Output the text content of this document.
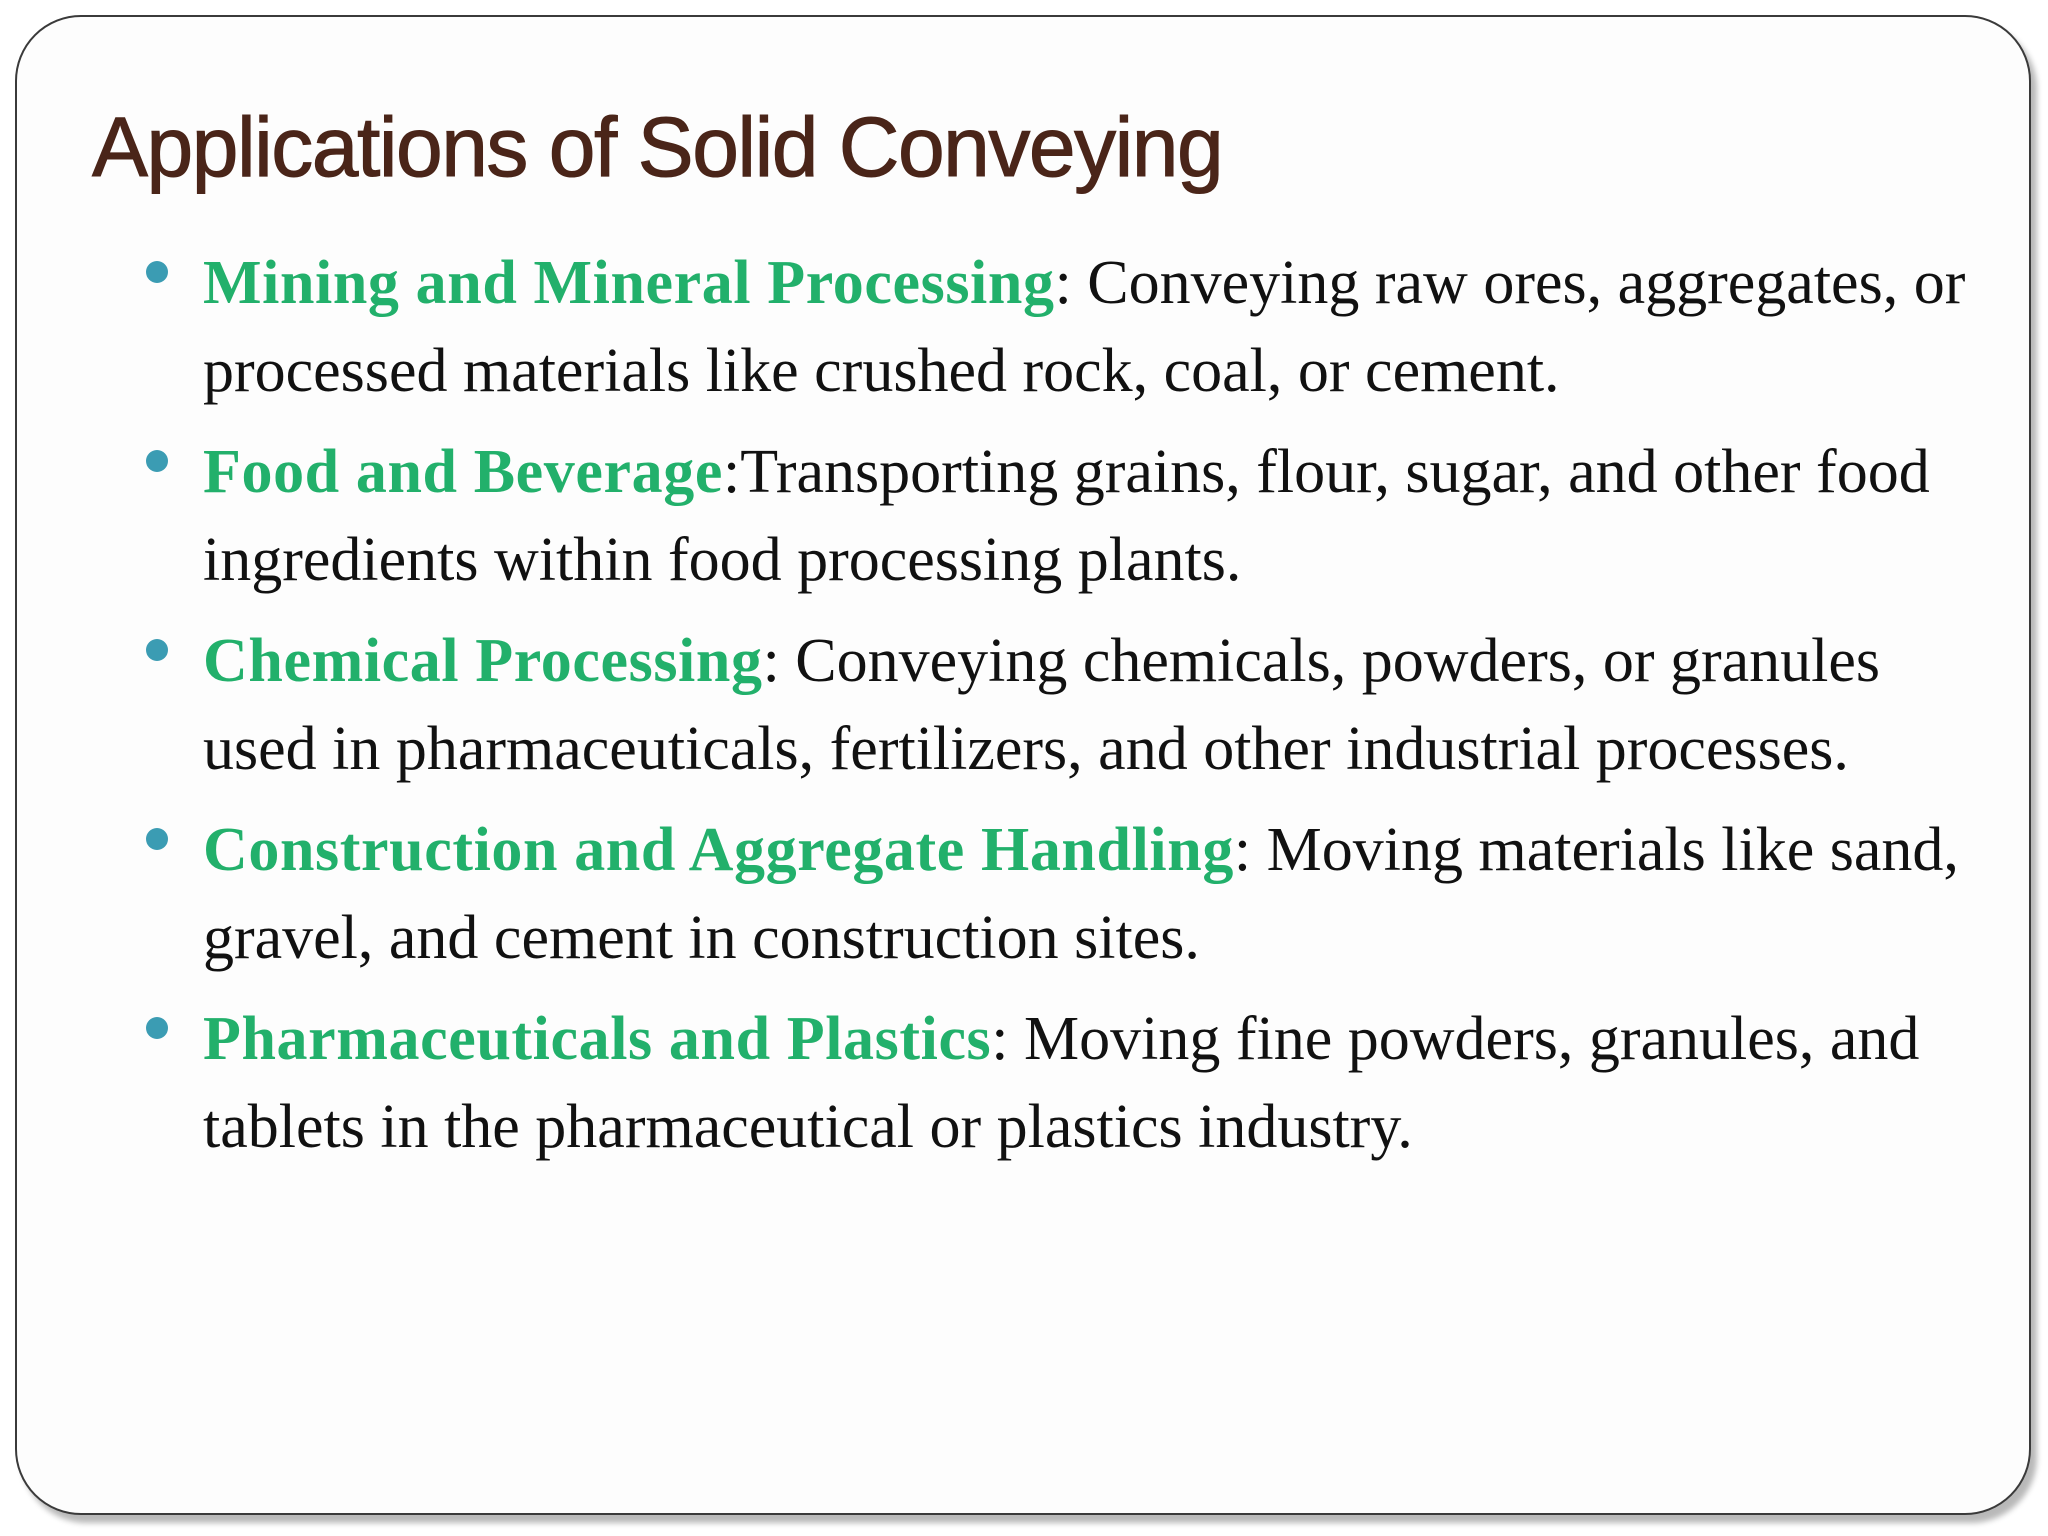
Applications of Solid Conveying
Mining and Mineral Processing: Conveying raw ores, aggregates, or processed materials like crushed rock, coal, or cement.
Food and Beverage:Transporting grains, flour, sugar, and other food ingredients within food processing plants.
Chemical Processing: Conveying chemicals, powders, or granules used in pharmaceuticals, fertilizers, and other industrial processes.
Construction and Aggregate Handling: Moving materials like sand, gravel, and cement in construction sites.
Pharmaceuticals and Plastics: Moving fine powders, granules, and tablets in the pharmaceutical or plastics industry.
